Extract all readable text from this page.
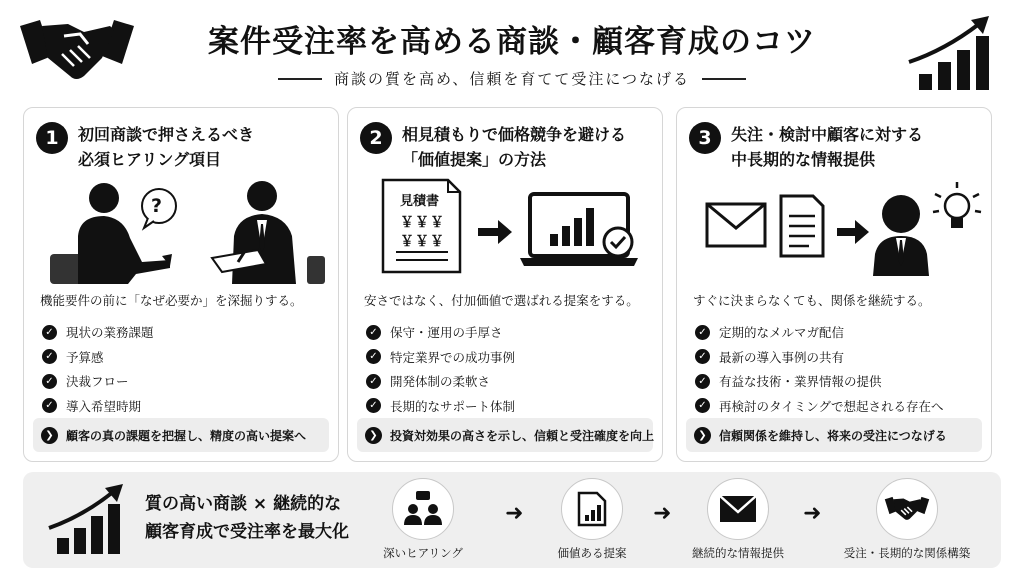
案件受注率を高める商談・顧客育成のコツ
商談の質を高め、信頼を育てて受注につなげる
1	初回商談で押さえるべき
必須ヒアリング項目
?
機能要件の前に「なぜ必要か」を深掘りする。
✓ 現状の業務課題
✓ 予算感
✓ 決裁フロー
✓ 導入希望時期
❯	顧客の真の課題を把握し、精度の高い提案へ
2	相見積もりで価格競争を避ける
「価値提案」の方法
見積書
￥￥￥
￥￥￥
安さではなく、付加価値で選ばれる提案をする。
✓ 保守・運用の手厚さ
✓ 特定業界での成功事例
✓ 開発体制の柔軟さ
✓ 長期的なサポート体制
❯	投資対効果の高さを示し、信頼と受注確度を向上
3	失注・検討中顧客に対する
中長期的な情報提供
すぐに決まらなくても、関係を継続する。
✓ 定期的なメルマガ配信
✓ 最新の導入事例の共有
✓ 有益な技術・業界情報の提供
✓ 再検討のタイミングで想起される存在へ
❯	信頼関係を維持し、将来の受注につなげる
質の高い商談 × 継続的な
顧客育成で受注率を最大化
深いヒアリング
➜
価値ある提案
➜
継続的な情報提供
➜
受注・長期的な関係構築
